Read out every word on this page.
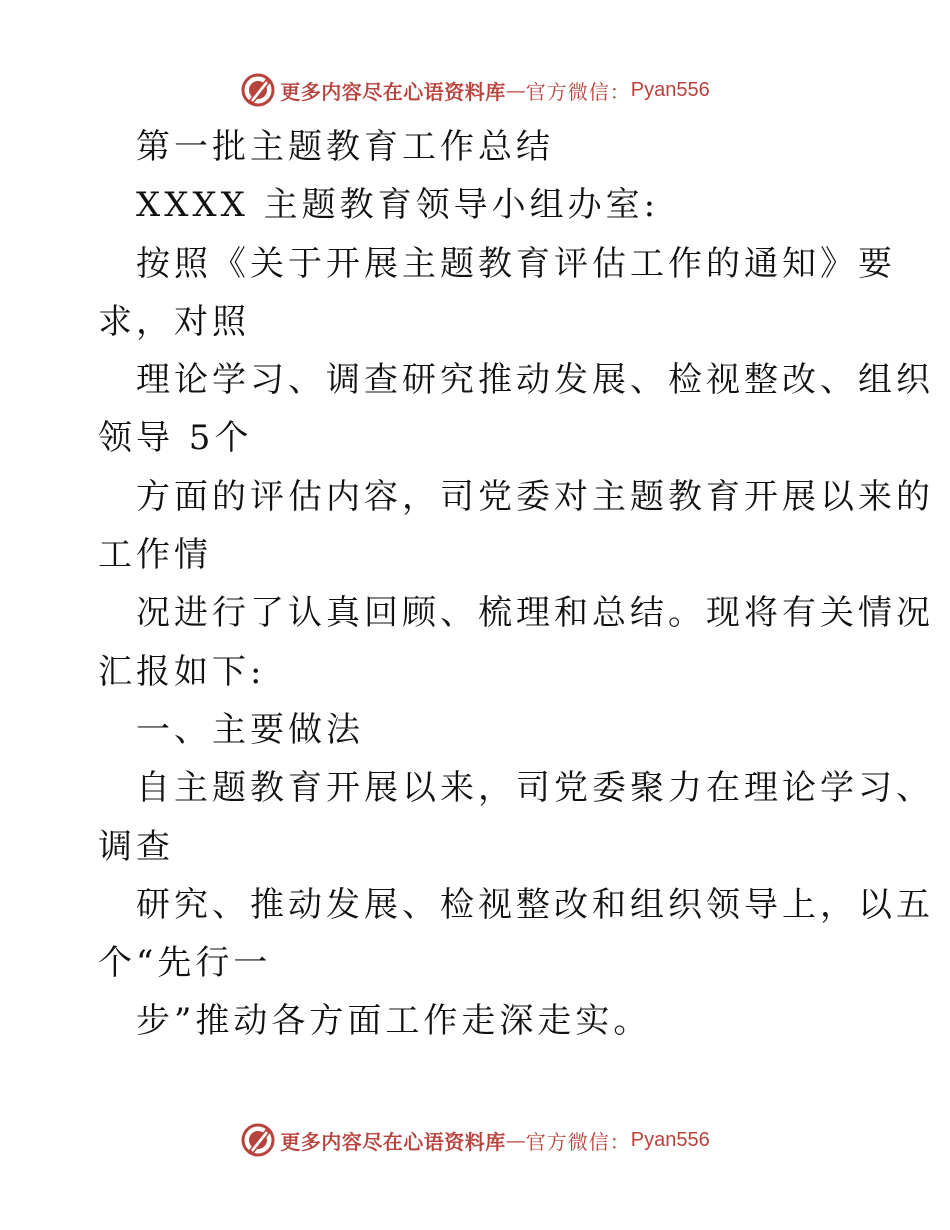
更多内容尽在心语资料库 — 官方微信： Pyan556
第一批主题教育工作总结
XXXX 主题教育领导小组办室:
按照《关于开展主题教育评估工作的通知》要
求，对照
理论学习、调查研究推动发展、检视整改、组织
领导 5个
方面的评估内容，司党委对主题教育开展以来的
工作情
况进行了认真回顾、梳理和总结。现将有关情况
汇报如下:
一、主要做法
自主题教育开展以来，司党委聚力在理论学习、
调查
研究、推动发展、检视整改和组织领导上，以五
个“先行一
步”推动各方面工作走深走实。
更多内容尽在心语资料库 — 官方微信： Pyan556
